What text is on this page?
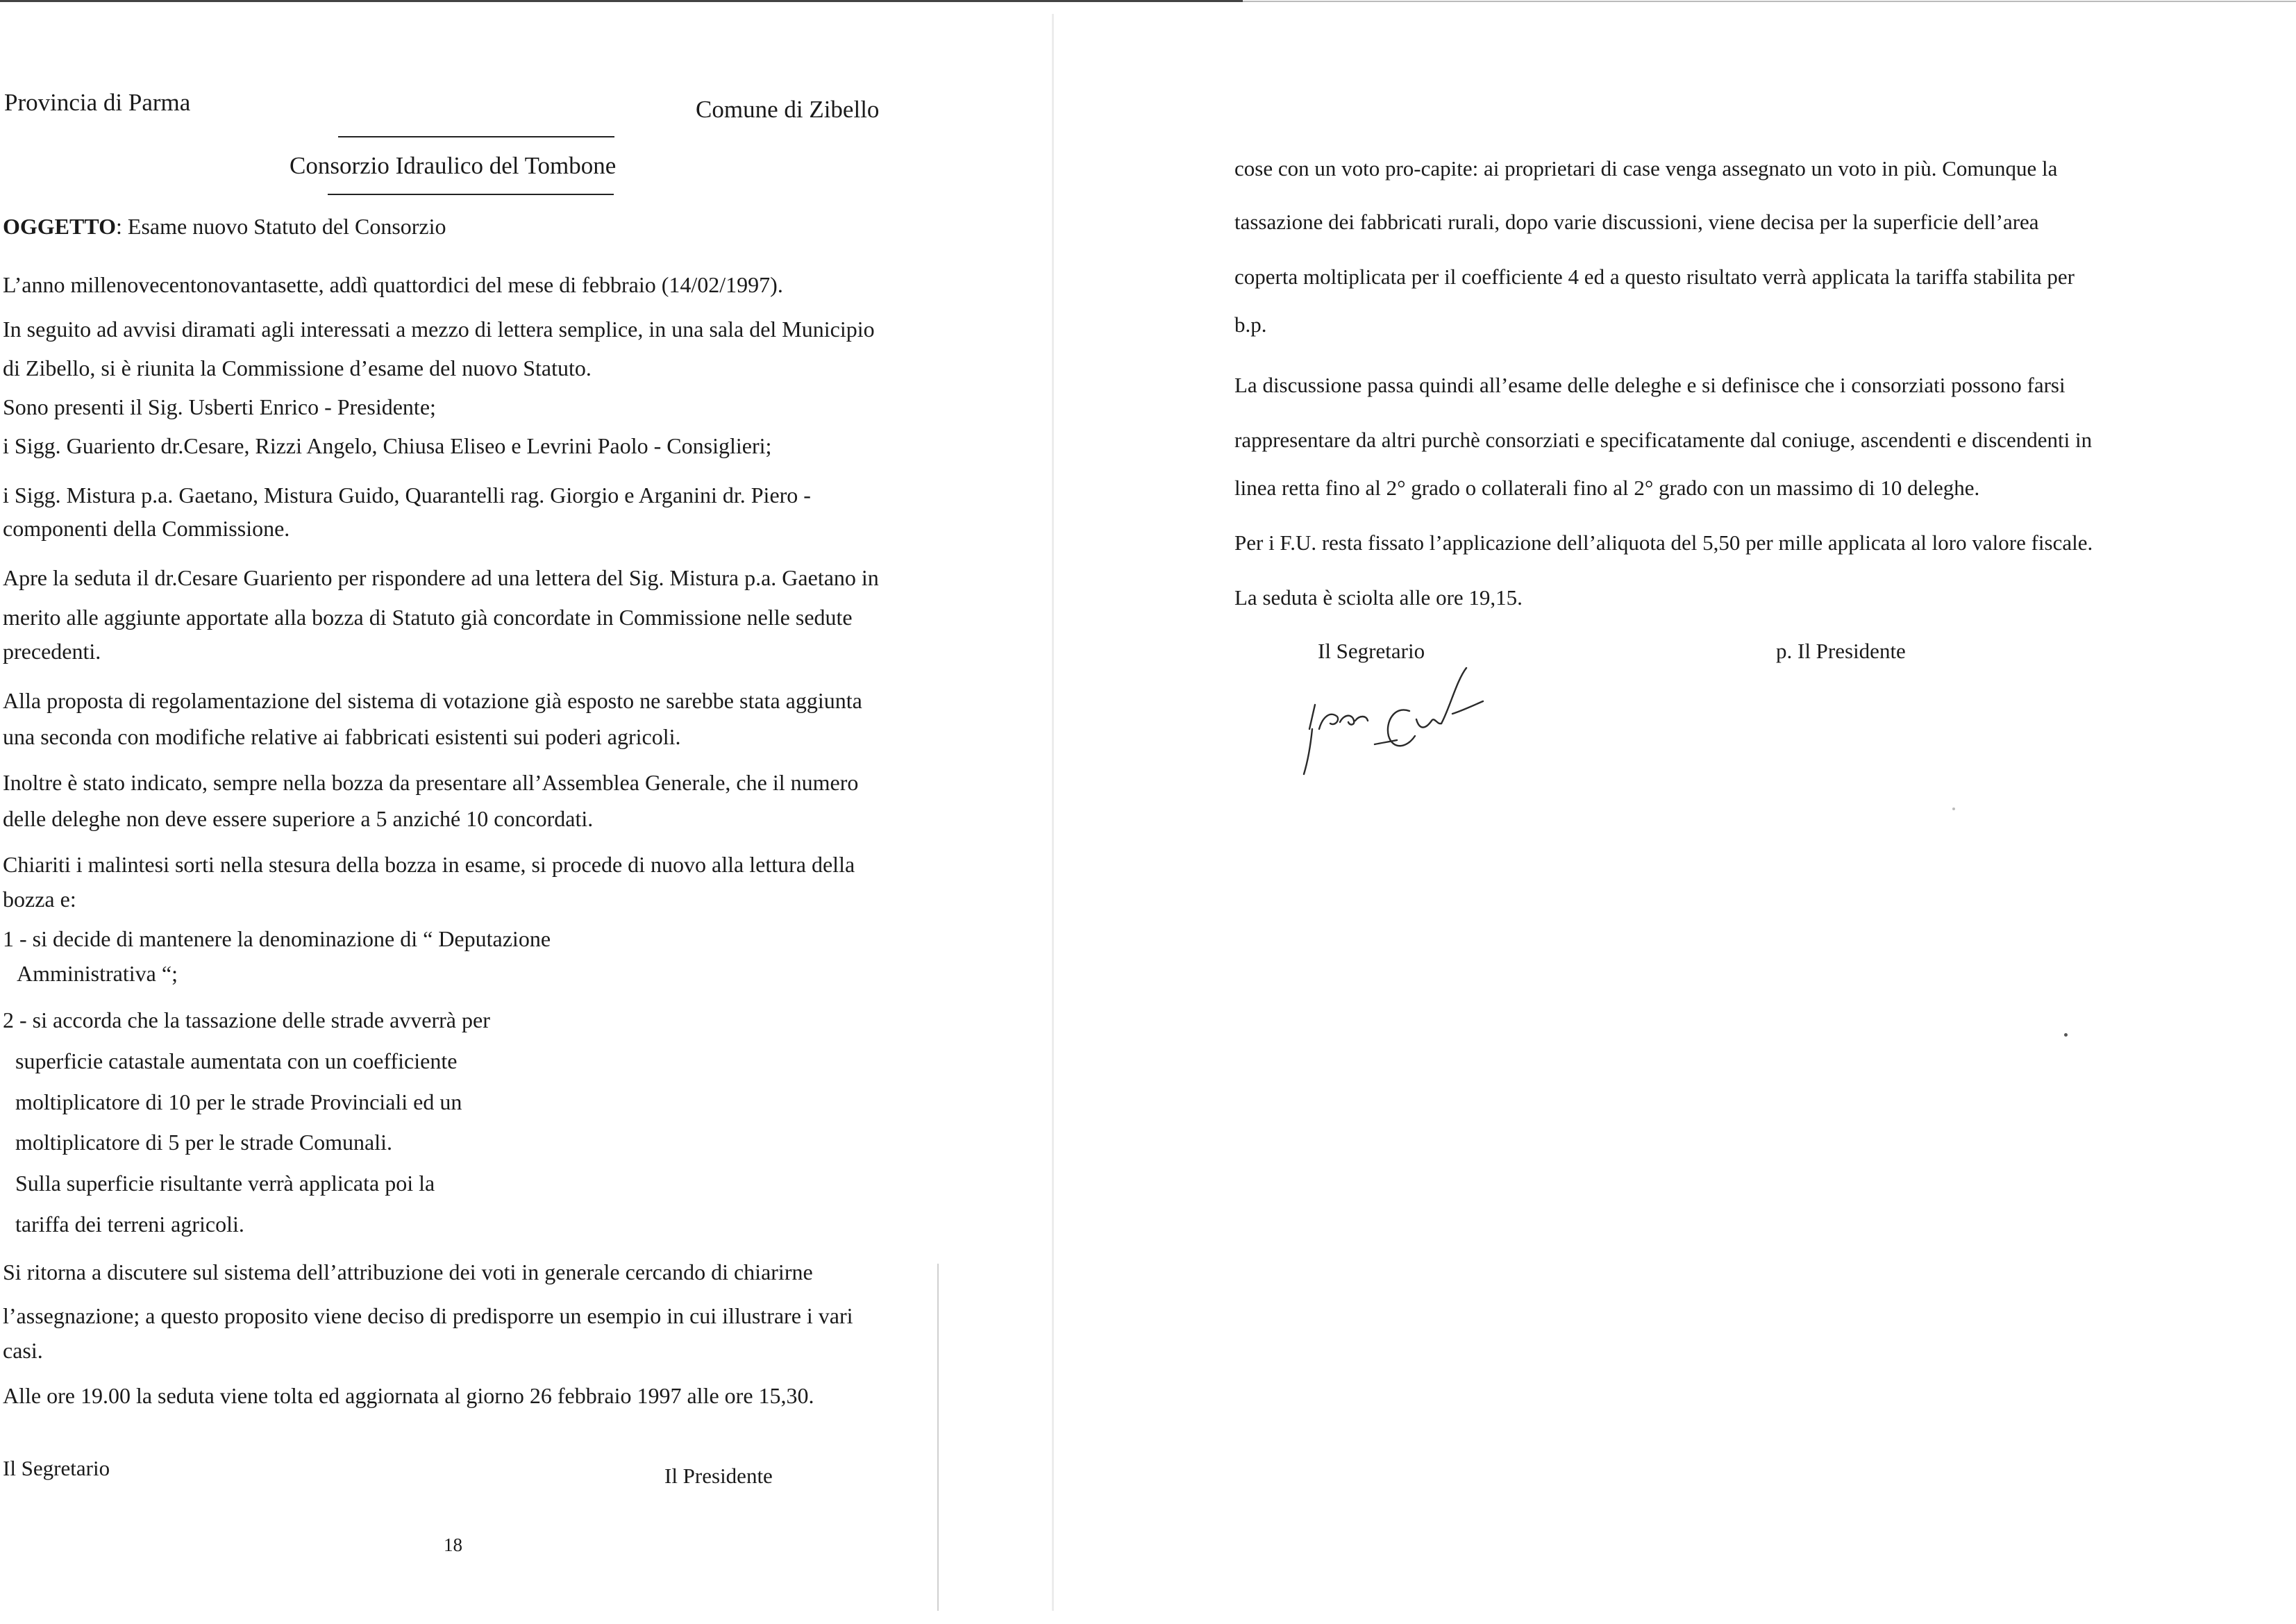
Provincia di Parma	Comune di Zibello
Consorzio Idraulico del Tombone
OGGETTO: Esame nuovo Statuto del Consorzio
L’anno millenovecentonovantasette, addì quattordici del mese di febbraio (14/02/1997).
In seguito ad avvisi diramati agli interessati a mezzo di lettera semplice, in una sala del Municipio
di Zibello, si è riunita la Commissione d’esame del nuovo Statuto.
Sono presenti il Sig. Usberti Enrico - Presidente;
i Sigg. Guariento dr.Cesare, Rizzi Angelo, Chiusa Eliseo e Levrini Paolo - Consiglieri;
i Sigg. Mistura p.a. Gaetano, Mistura Guido, Quarantelli rag. Giorgio e Arganini dr. Piero -
componenti della Commissione.
Apre la seduta il dr.Cesare Guariento per rispondere ad una lettera del Sig. Mistura p.a. Gaetano in
merito alle aggiunte apportate alla bozza di Statuto già concordate in Commissione nelle sedute
precedenti.
Alla proposta di regolamentazione del sistema di votazione già esposto ne sarebbe stata aggiunta
una seconda con modifiche relative ai fabbricati esistenti sui poderi agricoli.
Inoltre è stato indicato, sempre nella bozza da presentare all’Assemblea Generale, che il numero
delle deleghe non deve essere superiore a 5 anziché 10 concordati.
Chiariti i malintesi sorti nella stesura della bozza in esame, si procede di nuovo alla lettura della
bozza e:
1 - si decide di mantenere la denominazione di “ Deputazione
Amministrativa “;
2 - si accorda che la tassazione delle strade avverrà per
superficie catastale aumentata con un coefficiente
moltiplicatore di 10 per le strade Provinciali ed un
moltiplicatore di 5 per le strade Comunali.
Sulla superficie risultante verrà applicata poi la
tariffa dei terreni agricoli.
Si ritorna a discutere sul sistema dell’attribuzione dei voti in generale cercando di chiarirne
l’assegnazione; a questo proposito viene deciso di predisporre un esempio in cui illustrare i vari
casi.
Alle ore 19.00 la seduta viene tolta ed aggiornata al giorno 26 febbraio 1997 alle ore 15,30.
Il Segretario	Il Presidente
18
cose con un voto pro-capite: ai proprietari di case venga assegnato un voto in più. Comunque la
tassazione dei fabbricati rurali, dopo varie discussioni, viene decisa per la superficie dell’area
coperta moltiplicata per il coefficiente 4 ed a questo risultato verrà applicata la tariffa stabilita per
b.p.
La discussione passa quindi all’esame delle deleghe e si definisce che i consorziati possono farsi
rappresentare da altri purchè consorziati e specificatamente dal coniuge, ascendenti e discendenti in
linea retta fino al 2° grado o collaterali fino al 2° grado con un massimo di 10 deleghe.
Per i F.U. resta fissato l’applicazione dell’aliquota del 5,50 per mille applicata al loro valore fiscale.
La seduta è sciolta alle ore 19,15.
Il Segretario	p. Il Presidente
